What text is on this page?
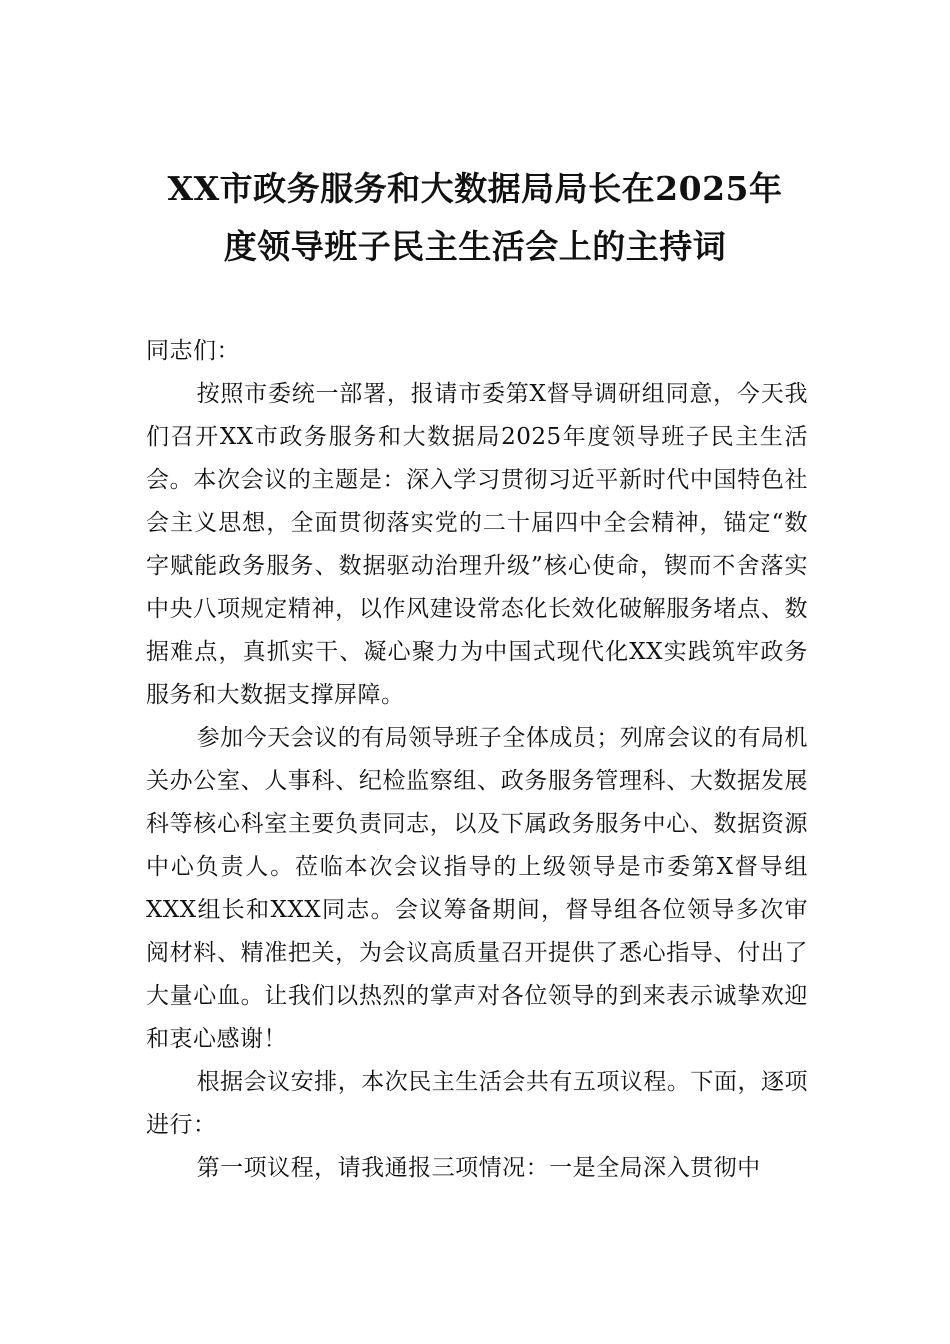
XX市政务服务和大数据局局长在2025年
度领导班子民主生活会上的主持词

同志们：

按照市委统一部署，报请市委第X督导调研组同意，今天我们召开XX市政务服务和大数据局2025年度领导班子民主生活会。本次会议的主题是：深入学习贯彻习近平新时代中国特色社会主义思想，全面贯彻落实党的二十届四中全会精神，锚定“数字赋能政务服务、数据驱动治理升级”核心使命，锲而不舍落实中央八项规定精神，以作风建设常态化长效化破解服务堵点、数据难点，真抓实干、凝心聚力为中国式现代化XX实践筑牢政务服务和大数据支撑屏障。

参加今天会议的有局领导班子全体成员；列席会议的有局机关办公室、人事科、纪检监察组、政务服务管理科、大数据发展科等核心科室主要负责同志，以及下属政务服务中心、数据资源中心负责人。莅临本次会议指导的上级领导是市委第X督导组XXX组长和XXX同志。会议筹备期间，督导组各位领导多次审阅材料、精准把关，为会议高质量召开提供了悉心指导、付出了大量心血。让我们以热烈的掌声对各位领导的到来表示诚挚欢迎和衷心感谢！

根据会议安排，本次民主生活会共有五项议程。下面，逐项进行：

第一项议程，请我通报三项情况：一是全局深入贯彻中
